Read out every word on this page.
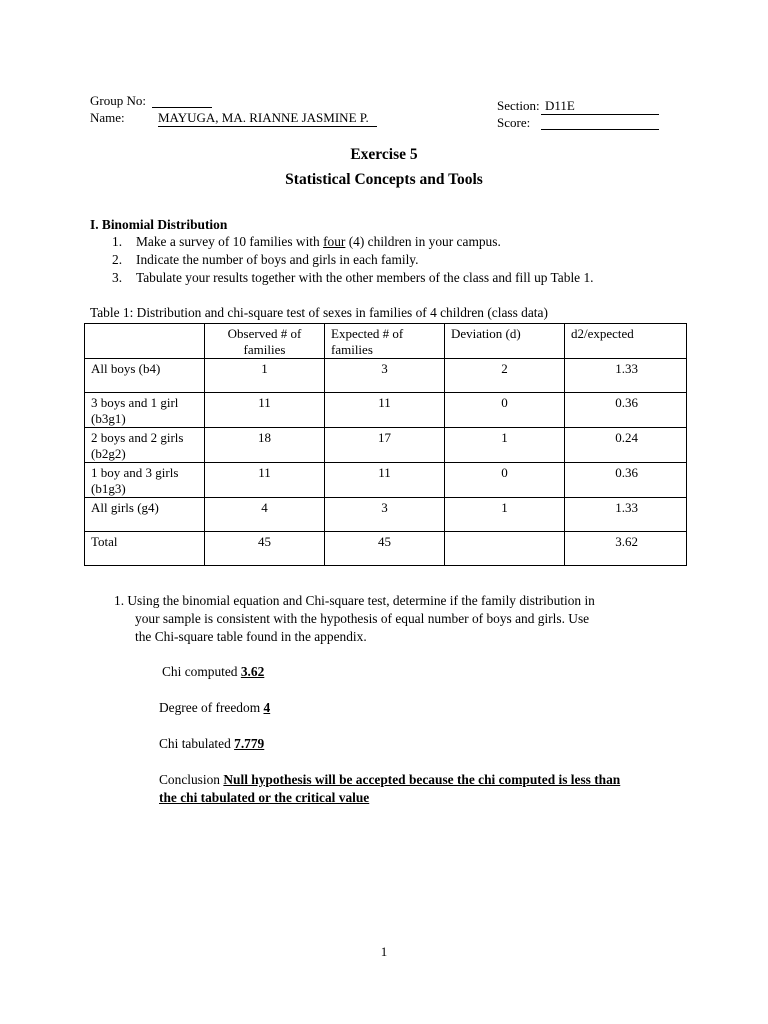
Group No:
Name:	MAYUGA, MA. RIANNE JASMINE P.
Section: D11E
Score:
Exercise 5
Statistical Concepts and Tools
I. Binomial Distribution
1. Make a survey of 10 families with four (4) children in your campus.
2. Indicate the number of boys and girls in each family.
3. Tabulate your results together with the other members of the class and fill up Table 1.
Table 1: Distribution and chi-square test of sexes in families of 4 children (class data)
	Observed # of families	Expected # of families	Deviation (d)	d2/expected
All boys (b4)	1	3	2	1.33
3 boys and 1 girl (b3g1)	11	11	0	0.36
2 boys and 2 girls (b2g2)	18	17	1	0.24
1 boy and 3 girls (b1g3)	11	11	0	0.36
All girls (g4)	4	3	1	1.33
Total	45	45		3.62
1. Using the binomial equation and Chi-square test, determine if the family distribution in
your sample is consistent with the hypothesis of equal number of boys and girls. Use
the Chi-square table found in the appendix.
Chi computed 3.62
Degree of freedom 4
Chi tabulated 7.779
Conclusion Null hypothesis will be accepted because the chi computed is less than
the chi tabulated or the critical value
1
